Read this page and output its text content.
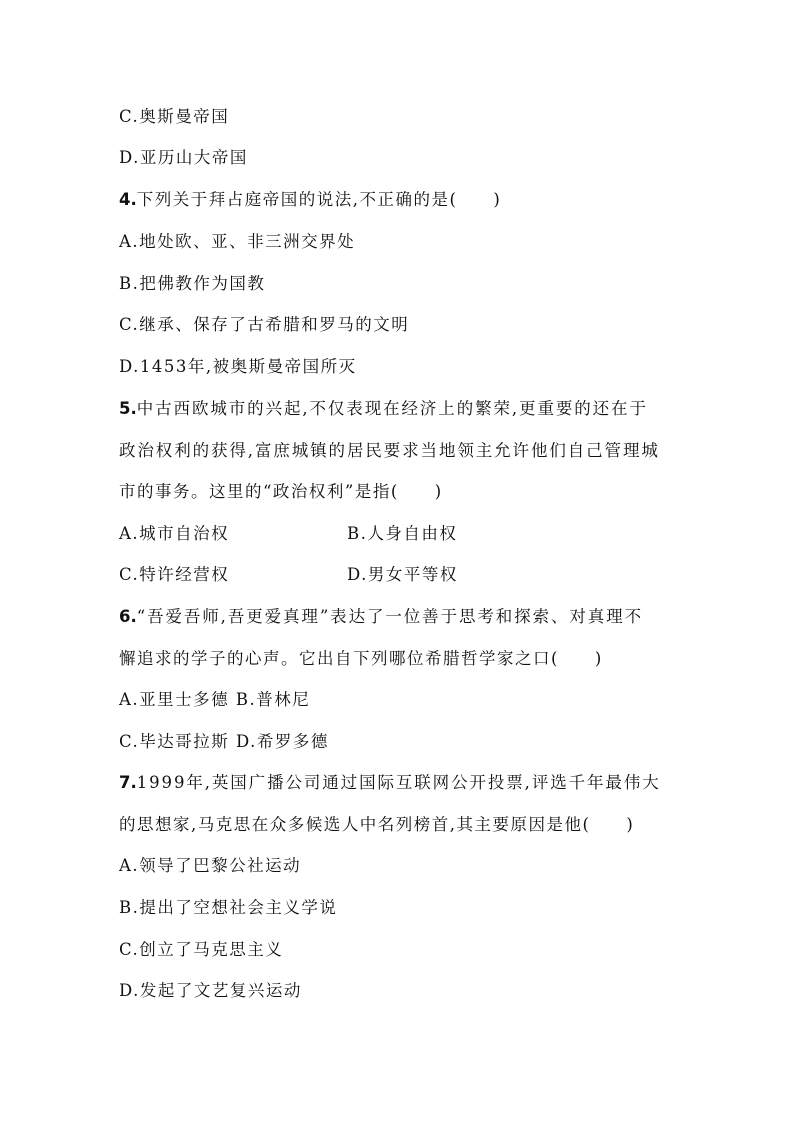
C.奥斯曼帝国
D.亚历山大帝国
4.下列关于拜占庭帝国的说法,不正确的是(　　)
A.地处欧、亚、非三洲交界处
B.把佛教作为国教
C.继承、保存了古希腊和罗马的文明
D.1453年,被奥斯曼帝国所灭
5.中古西欧城市的兴起,不仅表现在经济上的繁荣,更重要的还在于
政治权利的获得,富庶城镇的居民要求当地领主允许他们自己管理城
市的事务。这里的“政治权利”是指(　　)
A.城市自治权	B.人身自由权
C.特许经营权	D.男女平等权
6.“吾爱吾师,吾更爱真理”表达了一位善于思考和探索、对真理不
懈追求的学子的心声。它出自下列哪位希腊哲学家之口(　　)
A.亚里士多德 B.普林尼
C.毕达哥拉斯 D.希罗多德
7.1999年,英国广播公司通过国际互联网公开投票,评选千年最伟大
的思想家,马克思在众多候选人中名列榜首,其主要原因是他(　　)
A.领导了巴黎公社运动
B.提出了空想社会主义学说
C.创立了马克思主义
D.发起了文艺复兴运动
